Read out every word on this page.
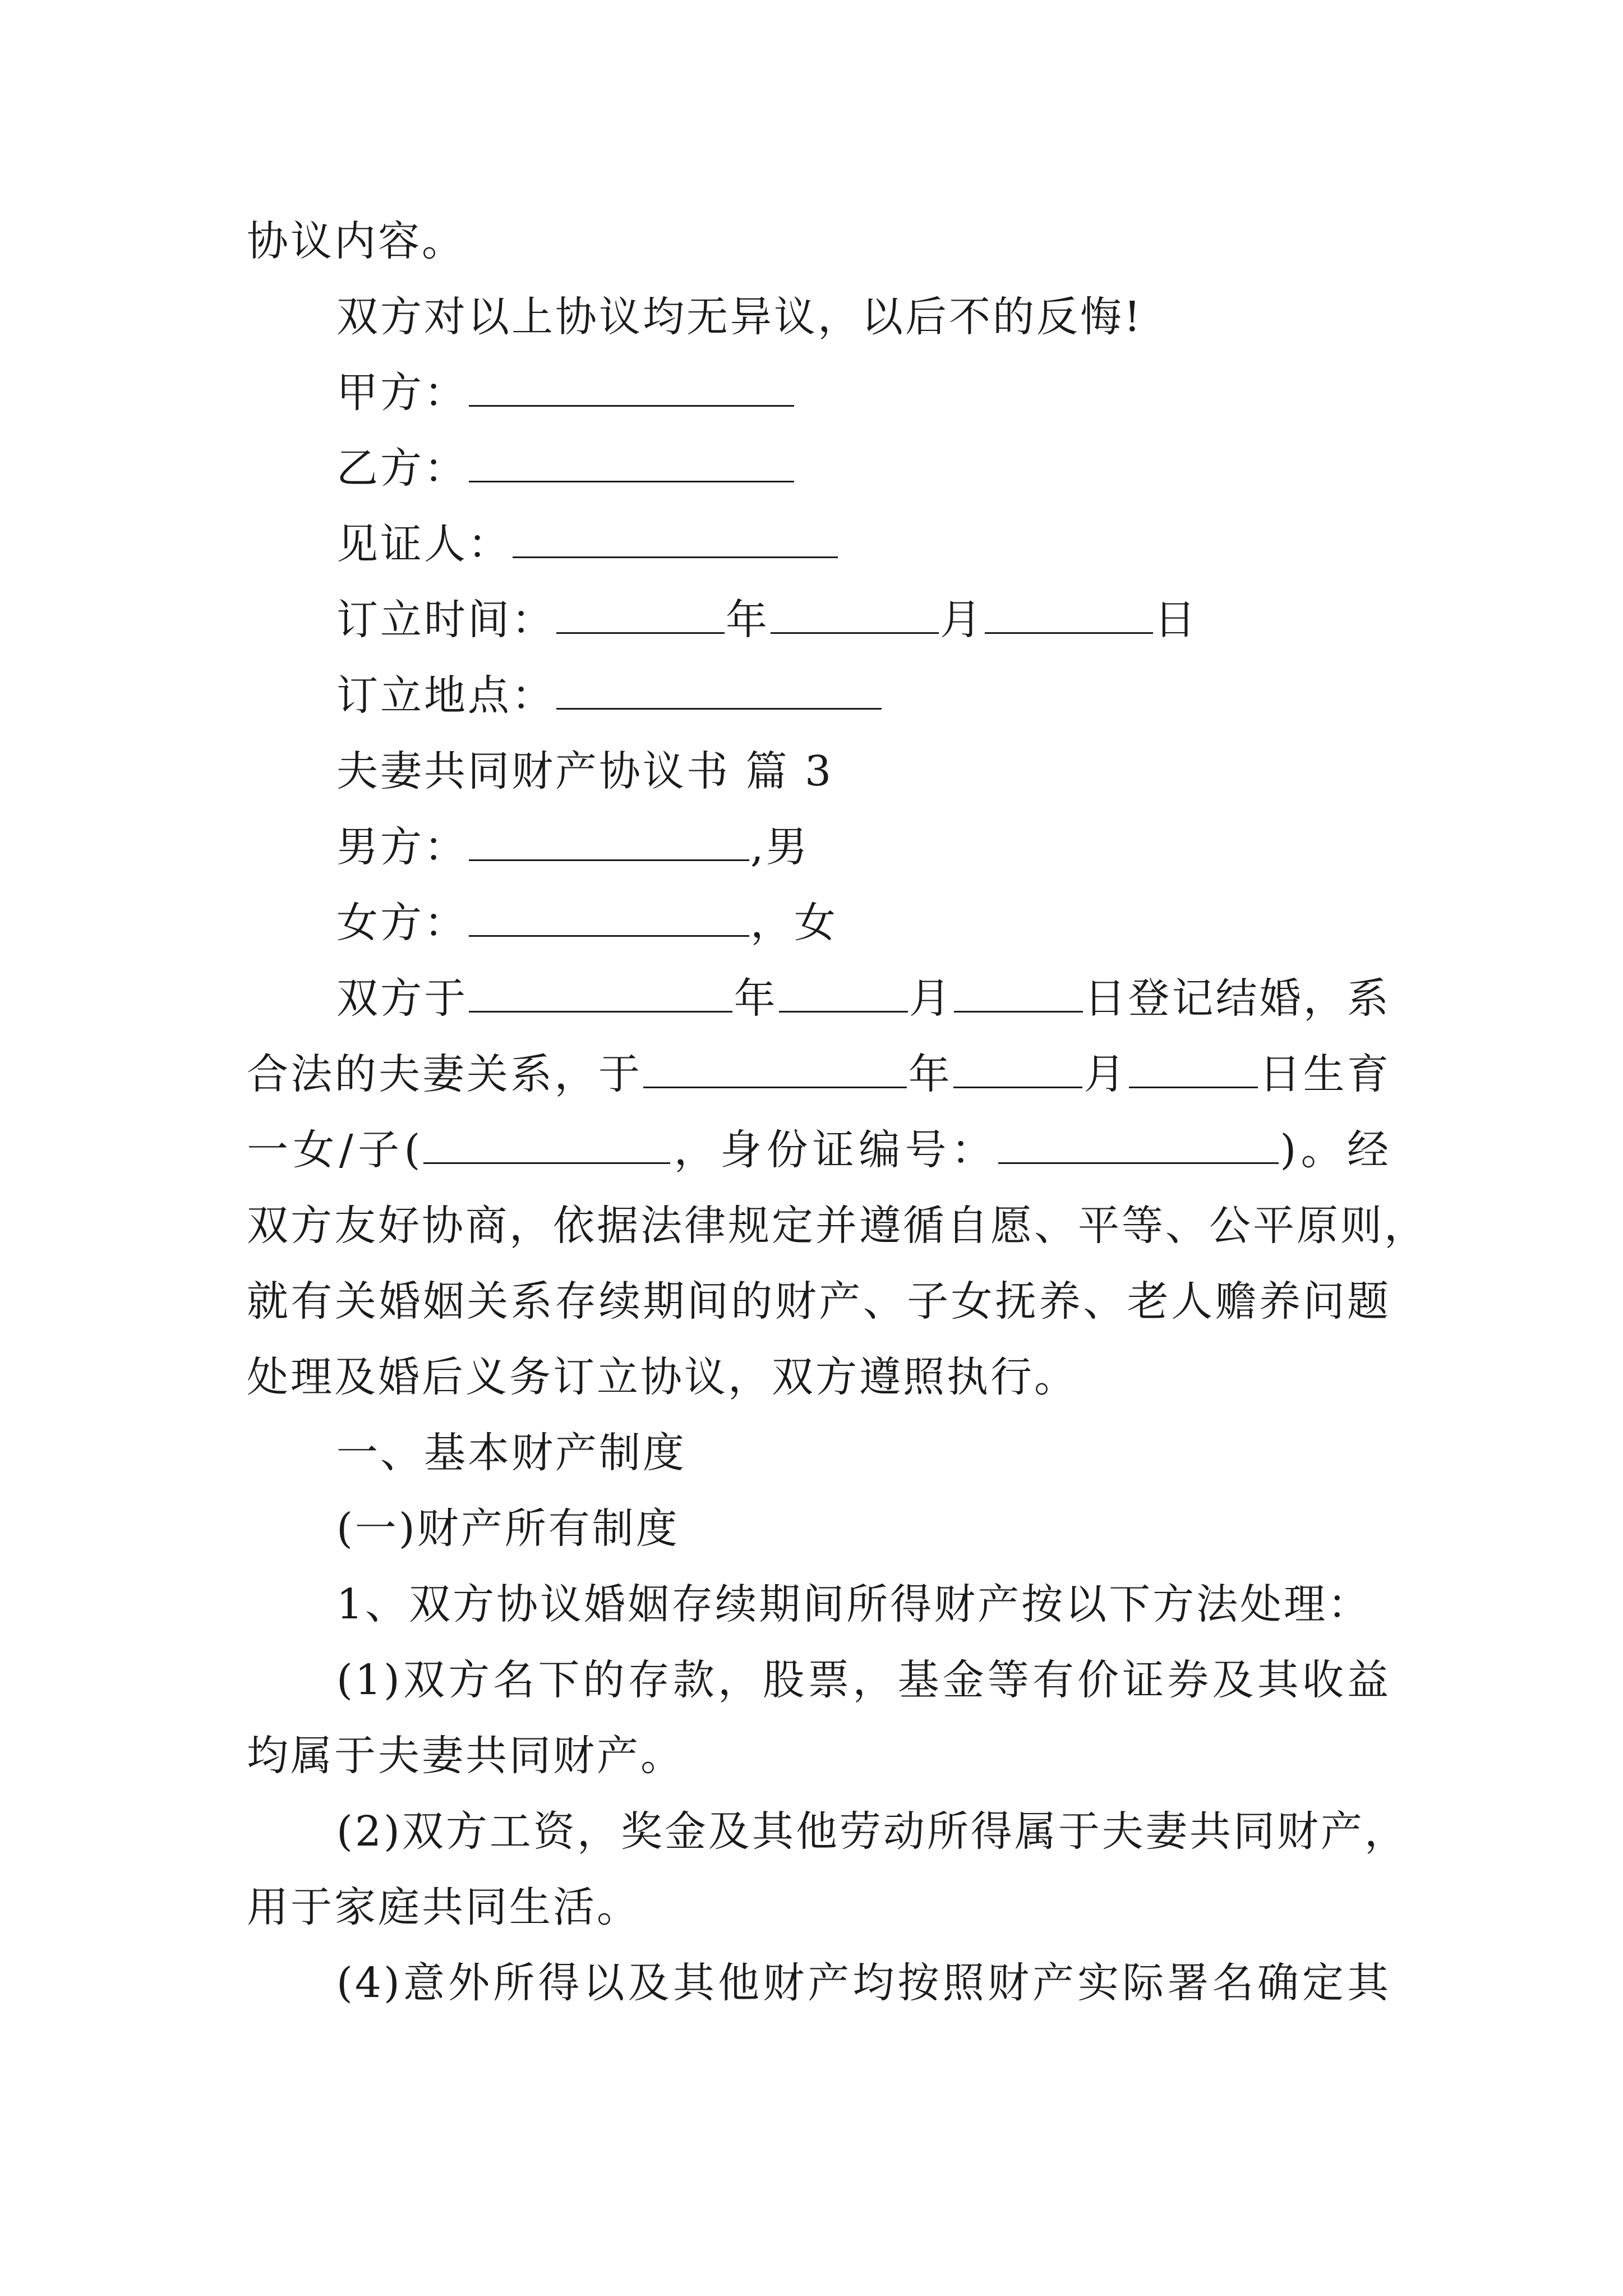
协议内容。
双方对以上协议均无异议，以后不的反悔!
甲方：
乙方：
见证人：
订立时间：	年	月	日
订立地点：
夫妻共同财产协议书 篇 3
男方：	,男
女方：	，女
双方于	年	月	日登记结婚，系
合法的夫妻关系，于	年	月	日生育
一女/子(	，身份证编号：	)。经
双方友好协商，依据法律规定并遵循自愿、平等、公平原则，
就有关婚姻关系存续期间的财产、子女抚养、老人赡养问题
处理及婚后义务订立协议，双方遵照执行。
一、基本财产制度
(一)财产所有制度
1、双方协议婚姻存续期间所得财产按以下方法处理：
(1)双方名下的存款，股票，基金等有价证券及其收益
均属于夫妻共同财产。
(2)双方工资，奖金及其他劳动所得属于夫妻共同财产，
用于家庭共同生活。
(4)意外所得以及其他财产均按照财产实际署名确定其
